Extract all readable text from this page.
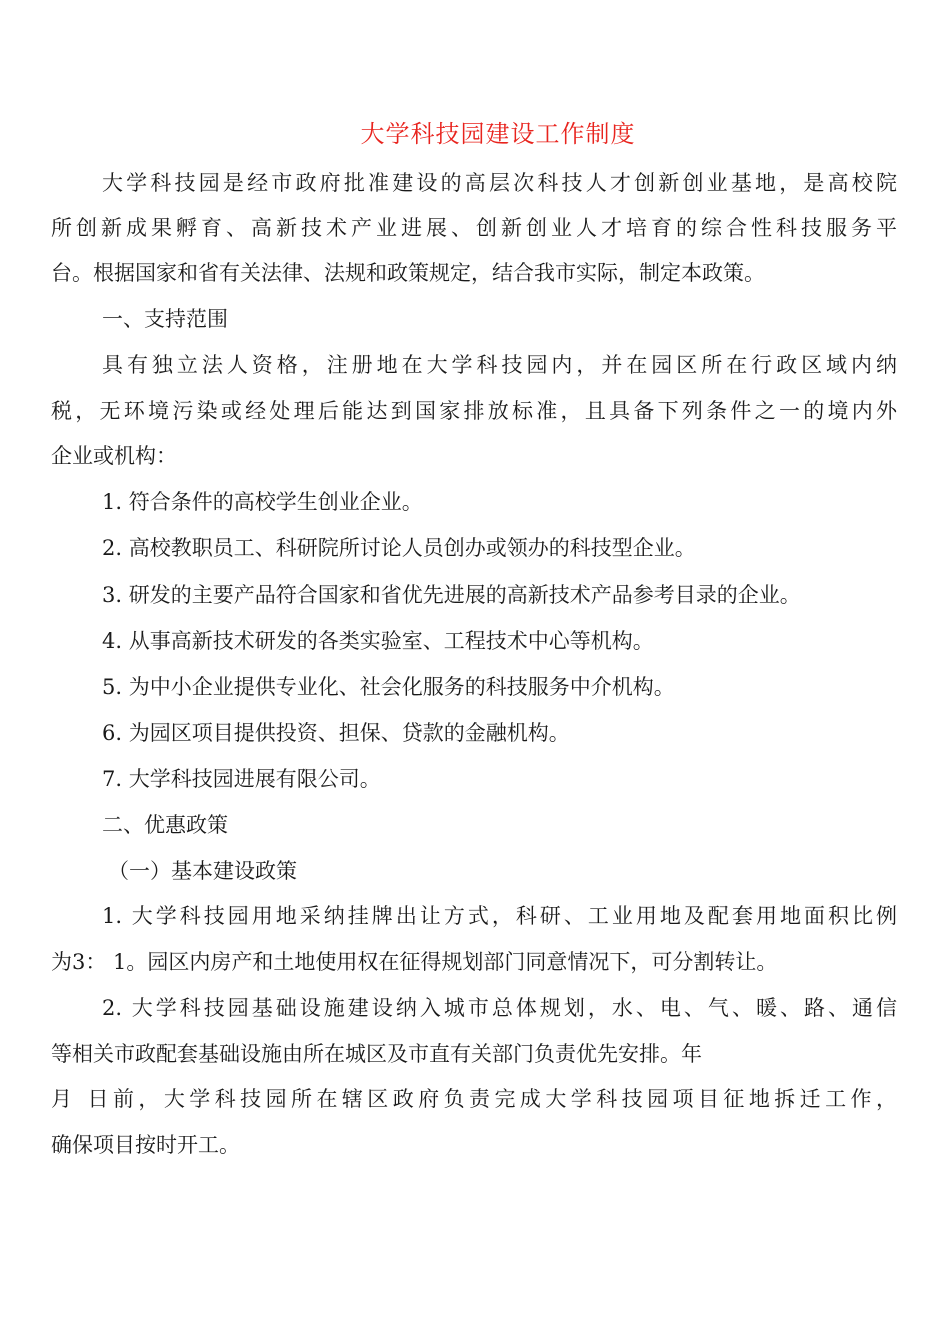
大学科技园建设工作制度
大学科技园是经市政府批准建设的高层次科技人才创新创业基地，是高校院
所创新成果孵育、高新技术产业进展、创新创业人才培育的综合性科技服务平
台。根据国家和省有关法律、法规和政策规定，结合我市实际，制定本政策。
一、支持范围
具有独立法人资格，注册地在大学科技园内，并在园区所在行政区域内纳
税，无环境污染或经处理后能达到国家排放标准，且具备下列条件之一的境内外
企业或机构：
1. 符合条件的高校学生创业企业。
2. 高校教职员工、科研院所讨论人员创办或领办的科技型企业。
3. 研发的主要产品符合国家和省优先进展的高新技术产品参考目录的企业。
4. 从事高新技术研发的各类实验室、工程技术中心等机构。
5. 为中小企业提供专业化、社会化服务的科技服务中介机构。
6. 为园区项目提供投资、担保、贷款的金融机构。
7. 大学科技园进展有限公司。
二、优惠政策
（一）基本建设政策
1. 大学科技园用地采纳挂牌出让方式，科研、工业用地及配套用地面积比例
为3： 1。园区内房产和土地使用权在征得规划部门同意情况下，可分割转让。
2. 大学科技园基础设施建设纳入城市总体规划，水、电、气、暖、路、通信
等相关市政配套基础设施由所在城区及市直有关部门负责优先安排。年
月 日前，大学科技园所在辖区政府负责完成大学科技园项目征地拆迁工作，
确保项目按时开工。
